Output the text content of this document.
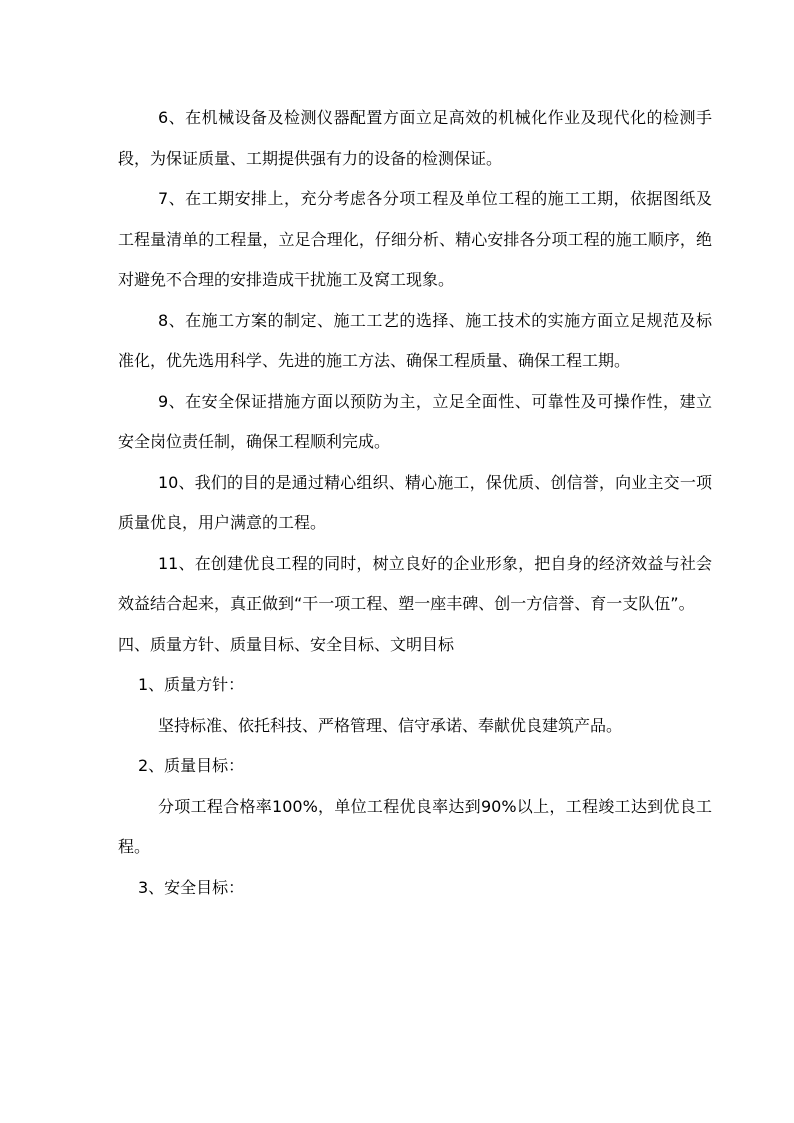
6、在机械设备及检测仪器配置方面立足高效的机械化作业及现代化的检测手段，为保证质量、工期提供强有力的设备的检测保证。

7、在工期安排上，充分考虑各分项工程及单位工程的施工工期，依据图纸及工程量清单的工程量，立足合理化，仔细分析、精心安排各分项工程的施工顺序，绝对避免不合理的安排造成干扰施工及窝工现象。

8、在施工方案的制定、施工工艺的选择、施工技术的实施方面立足规范及标准化，优先选用科学、先进的施工方法、确保工程质量、确保工程工期。

9、在安全保证措施方面以预防为主，立足全面性、可靠性及可操作性，建立安全岗位责任制，确保工程顺利完成。

10、我们的目的是通过精心组织、精心施工，保优质、创信誉，向业主交一项质量优良，用户满意的工程。

11、在创建优良工程的同时，树立良好的企业形象，把自身的经济效益与社会效益结合起来，真正做到“干一项工程、塑一座丰碑、创一方信誉、育一支队伍”。

四、质量方针、质量目标、安全目标、文明目标

1、质量方针：

坚持标准、依托科技、严格管理、信守承诺、奉献优良建筑产品。

2、质量目标：

分项工程合格率100%，单位工程优良率达到90%以上，工程竣工达到优良工程。

3、安全目标：
